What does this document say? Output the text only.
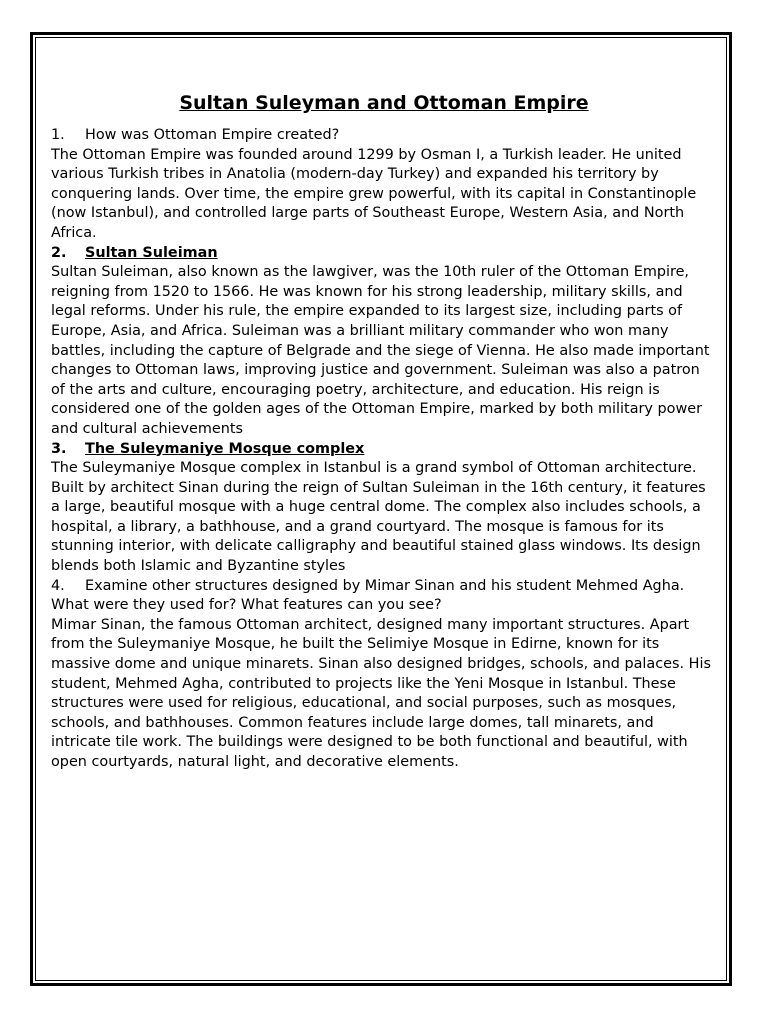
Sultan Suleyman and Ottoman Empire

1. How was Ottoman Empire created?

The Ottoman Empire was founded around 1299 by Osman I, a Turkish leader. He united various Turkish tribes in Anatolia (modern-day Turkey) and expanded his territory by conquering lands. Over time, the empire grew powerful, with its capital in Constantinople (now Istanbul), and controlled large parts of Southeast Europe, Western Asia, and North Africa.

2. Sultan Suleiman

Sultan Suleiman, also known as the lawgiver, was the 10th ruler of the Ottoman Empire, reigning from 1520 to 1566. He was known for his strong leadership, military skills, and legal reforms. Under his rule, the empire expanded to its largest size, including parts of Europe, Asia, and Africa. Suleiman was a brilliant military commander who won many battles, including the capture of Belgrade and the siege of Vienna. He also made important changes to Ottoman laws, improving justice and government. Suleiman was also a patron of the arts and culture, encouraging poetry, architecture, and education. His reign is considered one of the golden ages of the Ottoman Empire, marked by both military power and cultural achievements

3. The Suleymaniye Mosque complex

The Suleymaniye Mosque complex in Istanbul is a grand symbol of Ottoman architecture. Built by architect Sinan during the reign of Sultan Suleiman in the 16th century, it features a large, beautiful mosque with a huge central dome. The complex also includes schools, a hospital, a library, a bathhouse, and a grand courtyard. The mosque is famous for its stunning interior, with delicate calligraphy and beautiful stained glass windows. Its design blends both Islamic and Byzantine styles

4. Examine other structures designed by Mimar Sinan and his student Mehmed Agha. What were they used for? What features can you see?

Mimar Sinan, the famous Ottoman architect, designed many important structures. Apart from the Suleymaniye Mosque, he built the Selimiye Mosque in Edirne, known for its massive dome and unique minarets. Sinan also designed bridges, schools, and palaces. His student, Mehmed Agha, contributed to projects like the Yeni Mosque in Istanbul. These structures were used for religious, educational, and social purposes, such as mosques, schools, and bathhouses. Common features include large domes, tall minarets, and intricate tile work. The buildings were designed to be both functional and beautiful, with open courtyards, natural light, and decorative elements.
